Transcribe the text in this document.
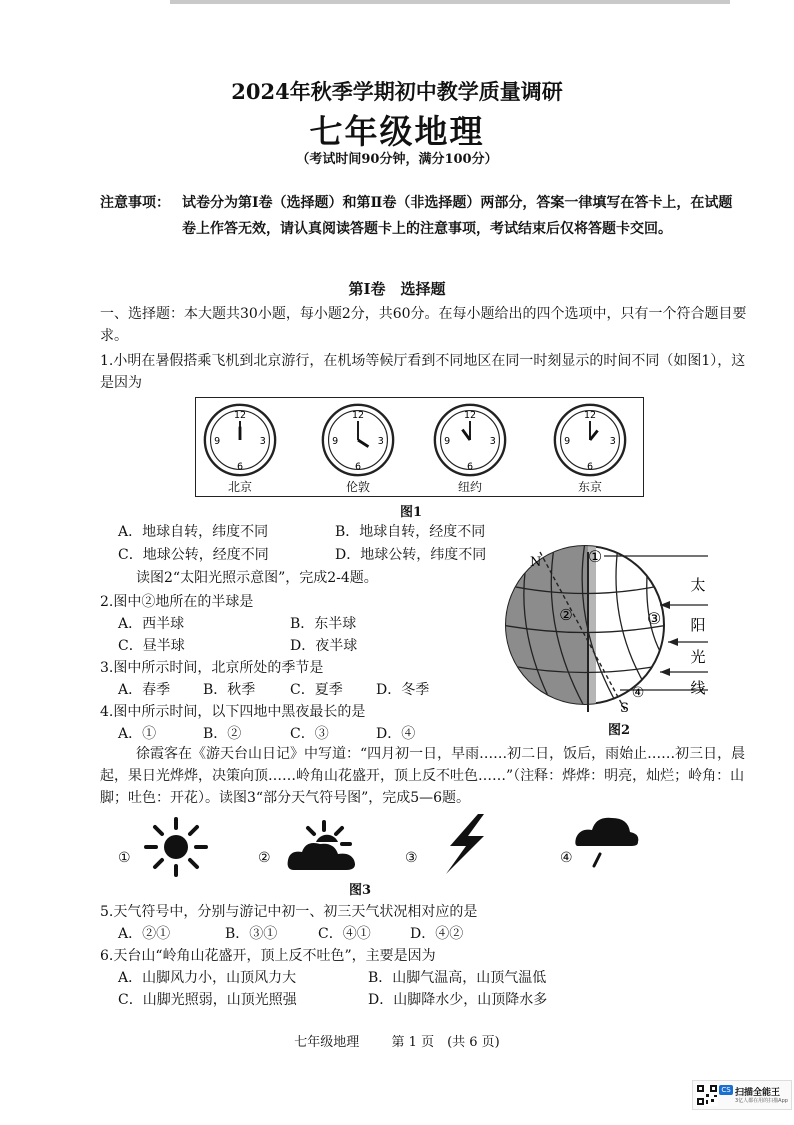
2024年秋季学期初中教学质量调研
七年级地理
（考试时间90分钟，满分100分）
注意事项： 试卷分为第Ⅰ卷（选择题）和第Ⅱ卷（非选择题）两部分，答案一律填写在答卡上，在试题卷上作答无效，请认真阅读答题卡上的注意事项，考试结束后仅将答题卡交回。
第Ⅰ卷　选择题
一、选择题：本大题共30小题，每小题2分，共60分。在每小题给出的四个选项中，只有一个符合题目要求。
1.小明在暑假搭乘飞机到北京游行，在机场等候厅看到不同地区在同一时刻显示的时间不同（如图1），这是因为
12
3
6
9
北京
12
3
6
9
伦敦
12
3
6
9
纽约
12
3
6
9
东京
图1
A．地球自转，纬度不同	B．地球自转，经度不同
C．地球公转，经度不同	D．地球公转，纬度不同
读图2“太阳光照示意图”，完成2-4题。
2.图中②地所在的半球是
A．西半球	B．东半球
C．昼半球	D．夜半球
3.图中所示时间，北京所处的季节是
A．春季 B．秋季 C．夏季 D．冬季
4.图中所示时间，以下四地中黑夜最长的是
A．①	B．②	C．③	D．④
N
S
①
②	③
④
太
阳
光
线
图2
徐霞客在《游天台山日记》中写道：“四月初一日，早雨……初二日，饭后，雨始止……初三日，晨起，果日光烨烨，决策向顶……岭角山花盛开，顶上反不吐色……”（注释：烨烨：明亮，灿烂；岭角：山脚；吐色：开花）。读图3“部分天气符号图”，完成5—6题。
①	②	③	④
图3
5.天气符号中，分别与游记中初一、初三天气状况相对应的是
A．②①	B．③①	C．④①	D．④②
6.天台山“岭角山花盛开，顶上反不吐色”，主要是因为
A．山脚风力小，山顶风力大	B．山脚气温高，山顶气温低
C．山脚光照弱，山顶光照强	D．山脚降水少，山顶降水多
七年级地理 第 1 页　(共 6 页)
CS 扫描全能王
3亿人都在用的扫描App
